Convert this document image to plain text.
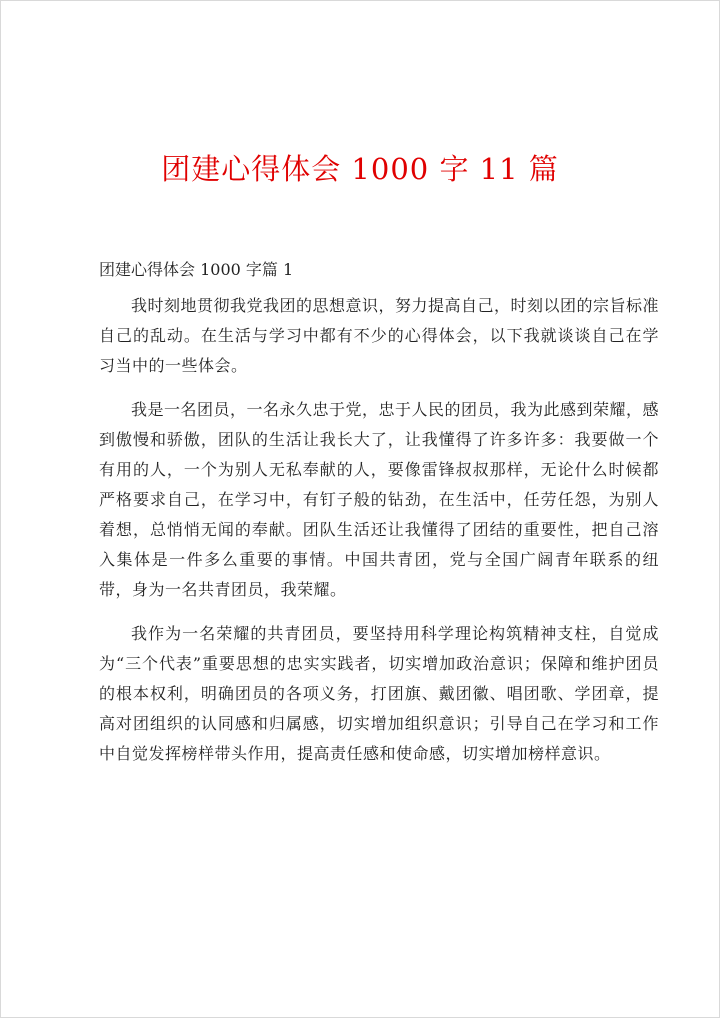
团建心得体会 1000 字 11 篇
团建心得体会 1000 字篇 1

我时刻地贯彻我党我团的思想意识，努力提高自己，时刻以团的宗旨标准自己的乱动。在生活与学习中都有不少的心得体会，以下我就谈谈自己在学习当中的一些体会。

我是一名团员，一名永久忠于党，忠于人民的团员，我为此感到荣耀，感到傲慢和骄傲，团队的生活让我长大了，让我懂得了许多许多：我要做一个有用的人，一个为别人无私奉献的人，要像雷锋叔叔那样，无论什么时候都严格要求自己，在学习中，有钉子般的钻劲，在生活中，任劳任怨，为别人着想，总悄悄无闻的奉献。团队生活还让我懂得了团结的重要性，把自己溶入集体是一件多么重要的事情。中国共青团，党与全国广阔青年联系的纽带，身为一名共青团员，我荣耀。

我作为一名荣耀的共青团员，要坚持用科学理论构筑精神支柱，自觉成为“三个代表”重要思想的忠实实践者，切实增加政治意识；保障和维护团员的根本权利，明确团员的各项义务，打团旗、戴团徽、唱团歌、学团章，提高对团组织的认同感和归属感，切实增加组织意识；引导自己在学习和工作中自觉发挥榜样带头作用，提高责任感和使命感，切实增加榜样意识。
